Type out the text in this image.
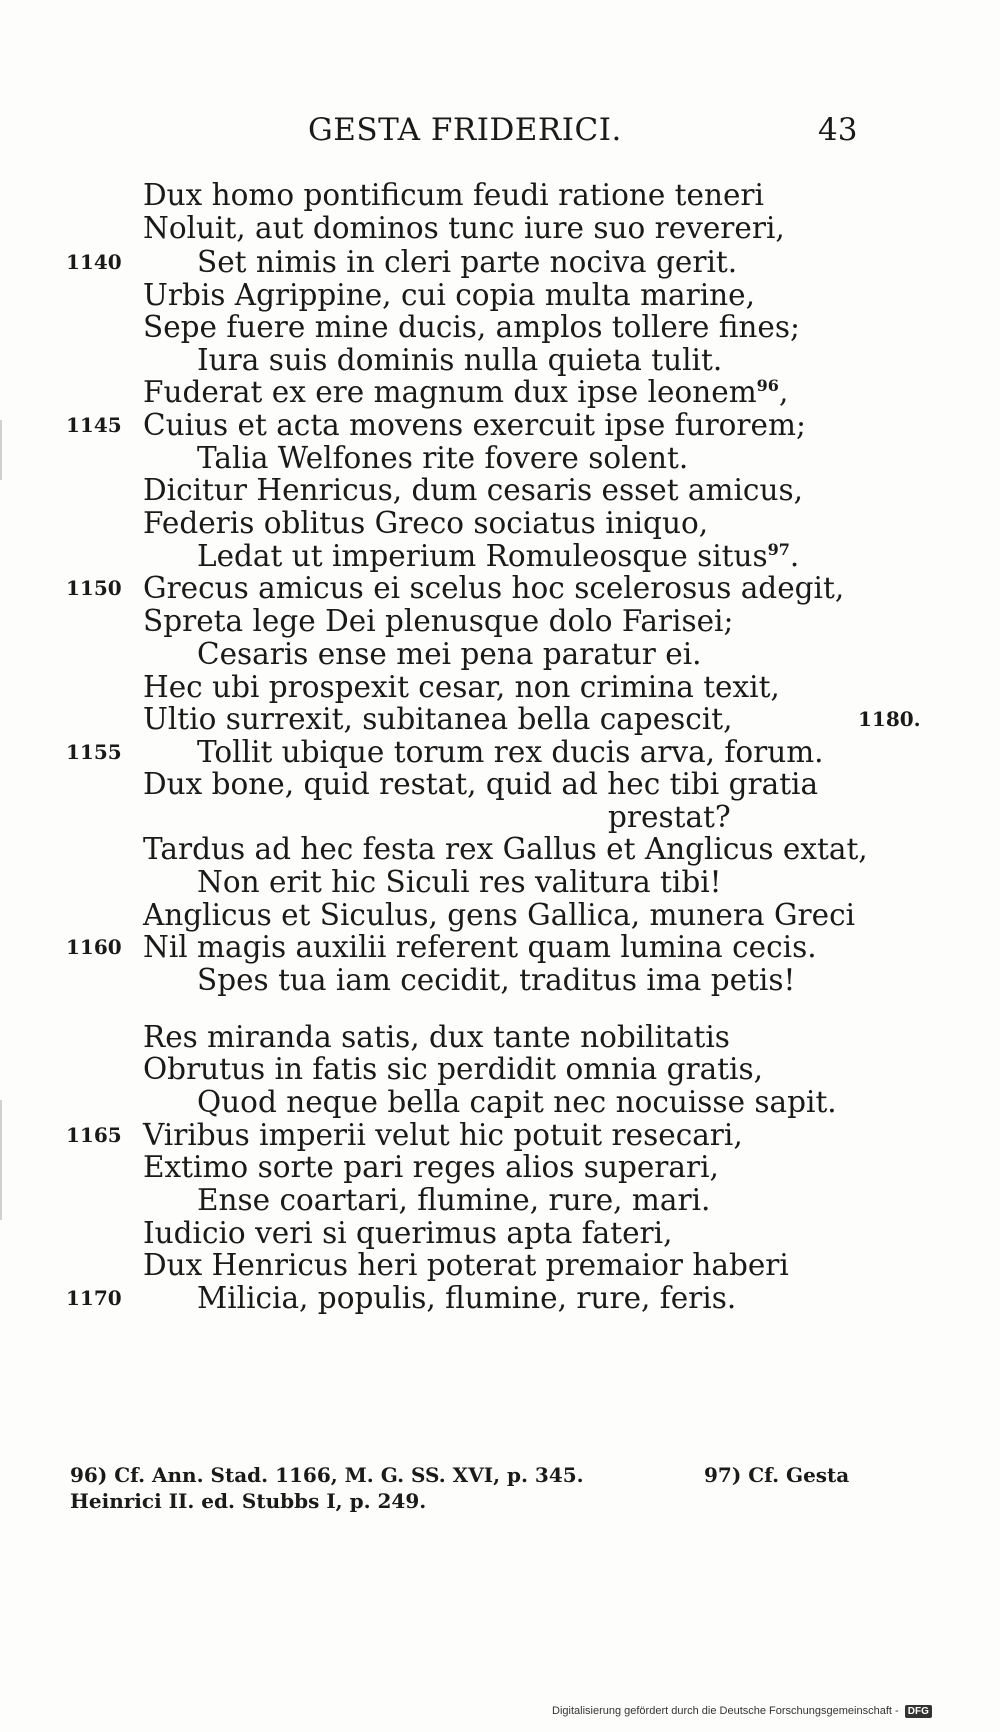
GESTA FRIDERICI.	43
Dux homo pontificum feudi ratione teneri
Noluit, aut dominos tunc iure suo revereri,
1140	Set nimis in cleri parte nociva gerit.
Urbis Agrippine, cui copia multa marine,
Sepe fuere mine ducis, amplos tollere fines;
Iura suis dominis nulla quieta tulit.
Fuderat ex ere magnum dux ipse leonem$^{96}$,
1145 Cuius et acta movens exercuit ipse furorem;
Talia Welfones rite fovere solent.
Dicitur Henricus, dum cesaris esset amicus,
Federis oblitus Greco sociatus iniquo,
Ledat ut imperium Romuleosque situs$^{97}$.
1150 Grecus amicus ei scelus hoc scelerosus adegit,
Spreta lege Dei plenusque dolo Farisei;
Cesaris ense mei pena paratur ei.
Hec ubi prospexit cesar, non crimina texit,
Ultio surrexit, subitanea bella capescit,	1180.
1155	Tollit ubique torum rex ducis arva, forum.
Dux bone, quid restat, quid ad hec tibi gratia
prestat?
Tardus ad hec festa rex Gallus et Anglicus extat,
Non erit hic Siculi res valitura tibi!
Anglicus et Siculus, gens Gallica, munera Greci
1160 Nil magis auxilii referent quam lumina cecis.
Spes tua iam cecidit, traditus ima petis!
Res miranda satis, dux tante nobilitatis
Obrutus in fatis sic perdidit omnia gratis,
Quod neque bella capit nec nocuisse sapit.
1165 Viribus imperii velut hic potuit resecari,
Extimo sorte pari reges alios superari,
Ense coartari, flumine, rure, mari.
Iudicio veri si querimus apta fateri,
Dux Henricus heri poterat premaior haberi
1170	Milicia, populis, flumine, rure, feris.
96) Cf. Ann. Stad. 1166, M. G. SS. XVI, p. 345.	97) Cf. Gesta
Heinrici II. ed. Stubbs I, p. 249.
Digitalisierung gefördert durch die Deutsche Forschungsgemeinschaft - DFG
